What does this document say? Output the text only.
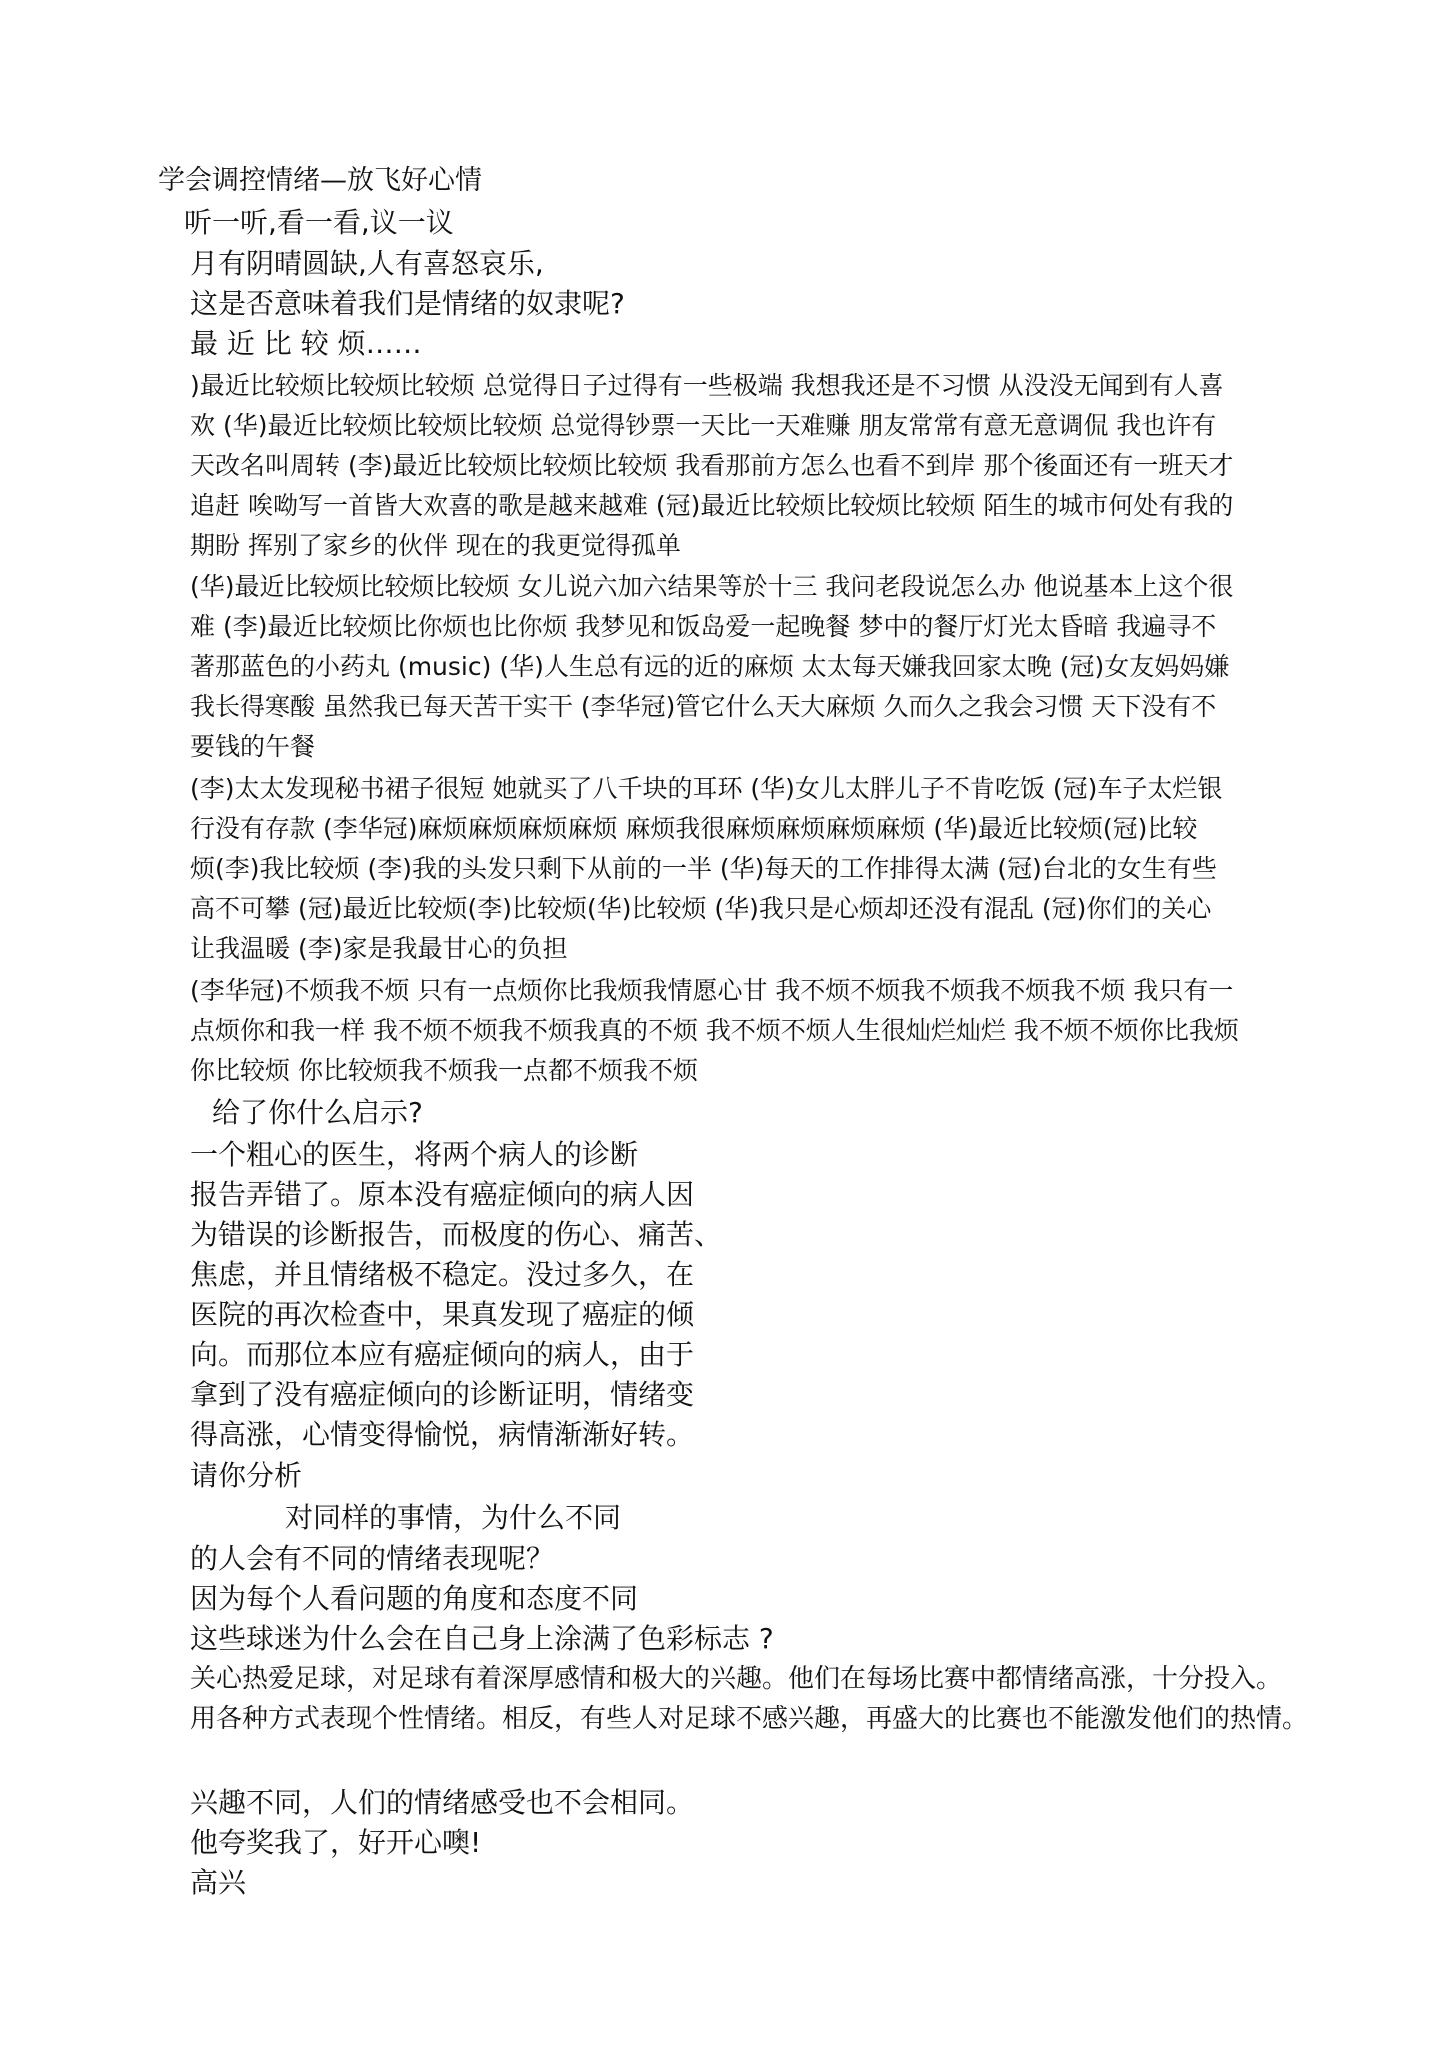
学会调控情绪—放飞好心情
听一听,看一看,议一议
月有阴晴圆缺,人有喜怒哀乐,
这是否意味着我们是情绪的奴隶呢?
最 近 比 较 烦……
)最近比较烦比较烦比较烦 总觉得日子过得有一些极端 我想我还是不习惯 从没没无闻到有人喜
欢 (华)最近比较烦比较烦比较烦 总觉得钞票一天比一天难赚 朋友常常有意无意调侃 我也许有
天改名叫周转 (李)最近比较烦比较烦比较烦 我看那前方怎么也看不到岸 那个後面还有一班天才
追赶 唉呦写一首皆大欢喜的歌是越来越难 (冠)最近比较烦比较烦比较烦 陌生的城市何处有我的
期盼 挥别了家乡的伙伴 现在的我更觉得孤单
(华)最近比较烦比较烦比较烦 女儿说六加六结果等於十三 我问老段说怎么办 他说基本上这个很
难 (李)最近比较烦比你烦也比你烦 我梦见和饭岛爱一起晚餐 梦中的餐厅灯光太昏暗 我遍寻不
著那蓝色的小药丸 (music) (华)人生总有远的近的麻烦 太太每天嫌我回家太晚 (冠)女友妈妈嫌
我长得寒酸 虽然我已每天苦干实干 (李华冠)管它什么天大麻烦 久而久之我会习惯 天下没有不
要钱的午餐
(李)太太发现秘书裙子很短 她就买了八千块的耳环 (华)女儿太胖儿子不肯吃饭 (冠)车子太烂银
行没有存款 (李华冠)麻烦麻烦麻烦麻烦 麻烦我很麻烦麻烦麻烦麻烦 (华)最近比较烦(冠)比较
烦(李)我比较烦 (李)我的头发只剩下从前的一半 (华)每天的工作排得太满 (冠)台北的女生有些
高不可攀 (冠)最近比较烦(李)比较烦(华)比较烦 (华)我只是心烦却还没有混乱 (冠)你们的关心
让我温暖 (李)家是我最甘心的负担
(李华冠)不烦我不烦 只有一点烦你比我烦我情愿心甘 我不烦不烦我不烦我不烦我不烦 我只有一
点烦你和我一样 我不烦不烦我不烦我真的不烦 我不烦不烦人生很灿烂灿烂 我不烦不烦你比我烦
你比较烦 你比较烦我不烦我一点都不烦我不烦
给了你什么启示?
一个粗心的医生，将两个病人的诊断
报告弄错了。原本没有癌症倾向的病人因
为错误的诊断报告，而极度的伤心、痛苦、
焦虑，并且情绪极不稳定。没过多久，在
医院的再次检查中，果真发现了癌症的倾
向。而那位本应有癌症倾向的病人，由于
拿到了没有癌症倾向的诊断证明，情绪变
得高涨，心情变得愉悦，病情渐渐好转。
请你分析
对同样的事情，为什么不同
的人会有不同的情绪表现呢？
因为每个人看问题的角度和态度不同
这些球迷为什么会在自己身上涂满了色彩标志 ?
关心热爱足球，对足球有着深厚感情和极大的兴趣。他们在每场比赛中都情绪高涨，十分投入。
用各种方式表现个性情绪。相反，有些人对足球不感兴趣，再盛大的比赛也不能激发他们的热情。
兴趣不同，人们的情绪感受也不会相同。
他夸奖我了，好开心噢!
高兴
